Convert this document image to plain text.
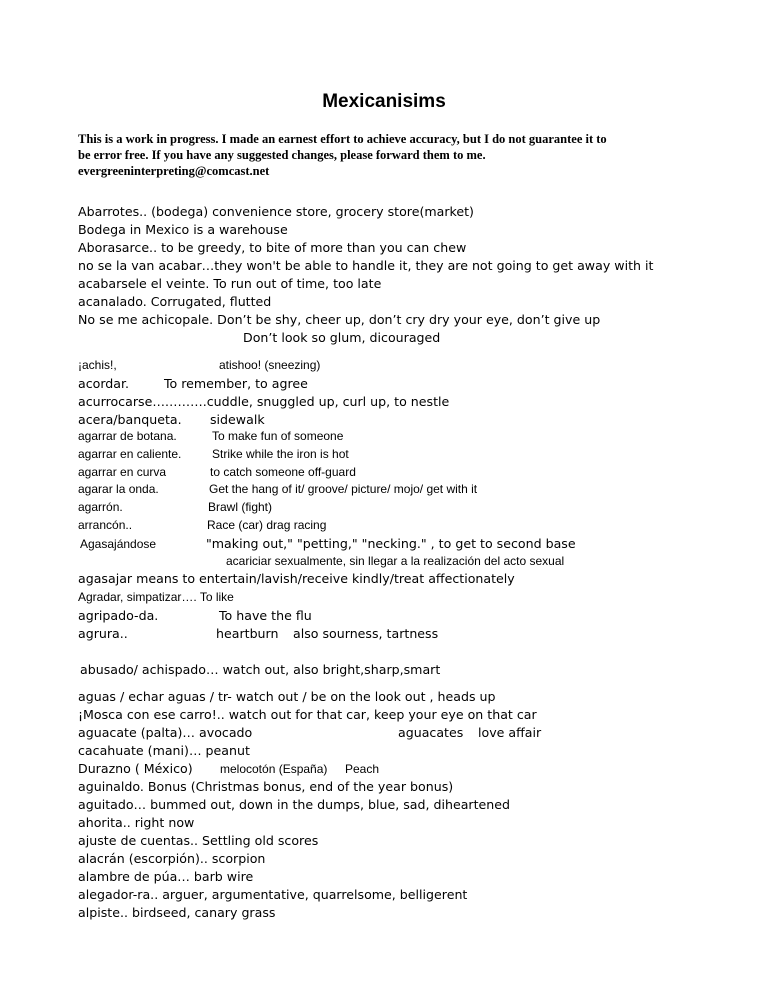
Mexicanisims

This is a work in progress. I made an earnest effort to achieve accuracy, but I do not guarantee it to

be error free. If you have any suggested changes, please forward them to me.

evergreeninterpreting@comcast.net

Abarrotes.. (bodega) convenience store, grocery store(market)
Bodega in Mexico is a warehouse
Aborasarce.. to be greedy, to bite of more than you can chew
no se la van acabar…they won't be able to handle it, they are not going to get away with it
acabarsele el veinte. To run out of time, too late
acanalado. Corrugated, flutted
No se me achicopale. Don’t be shy, cheer up, don’t cry dry your eye, don’t give up
Don’t look so glum, dicouraged
¡achis!,	atishoo! (sneezing)
acordar.	To remember, to agree
acurrocarse………….cuddle, snuggled up, curl up, to nestle
acera/banqueta. sidewalk
agarrar de botana.	To make fun of someone
agarrar en caliente.	Strike while the iron is hot
agarrar en curva	to catch someone off-guard
agarar la onda.	Get the hang of it/ groove/ picture/ mojo/ get with it
agarrón.	Brawl (fight)
arrancón..	Race (car) drag racing
Agasajándose	"making out," "petting," "necking." , to get to second base
acariciar sexualmente, sin llegar a la realización del acto sexual
agasajar means to entertain/lavish/receive kindly/treat affectionately
Agradar, simpatizar…. To like
agripado-da.	To have the flu
agrura..	heartburn also sourness, tartness
abusado/ achispado… watch out, also bright,sharp,smart
aguas / echar aguas / tr- watch out / be on the look out , heads up
¡Mosca con ese carro!.. watch out for that car, keep your eye on that car
aguacate (palta)… avocado	aguacates love affair
cacahuate (mani)… peanut
Durazno ( México) melocotón (España) Peach
aguinaldo. Bonus (Christmas bonus, end of the year bonus)
aguitado… bummed out, down in the dumps, blue, sad, diheartened
ahorita.. right now
ajuste de cuentas.. Settling old scores
alacrán (escorpión).. scorpion
alambre de púa… barb wire
alegador-ra.. arguer, argumentative, quarrelsome, belligerent
alpiste.. birdseed, canary grass
